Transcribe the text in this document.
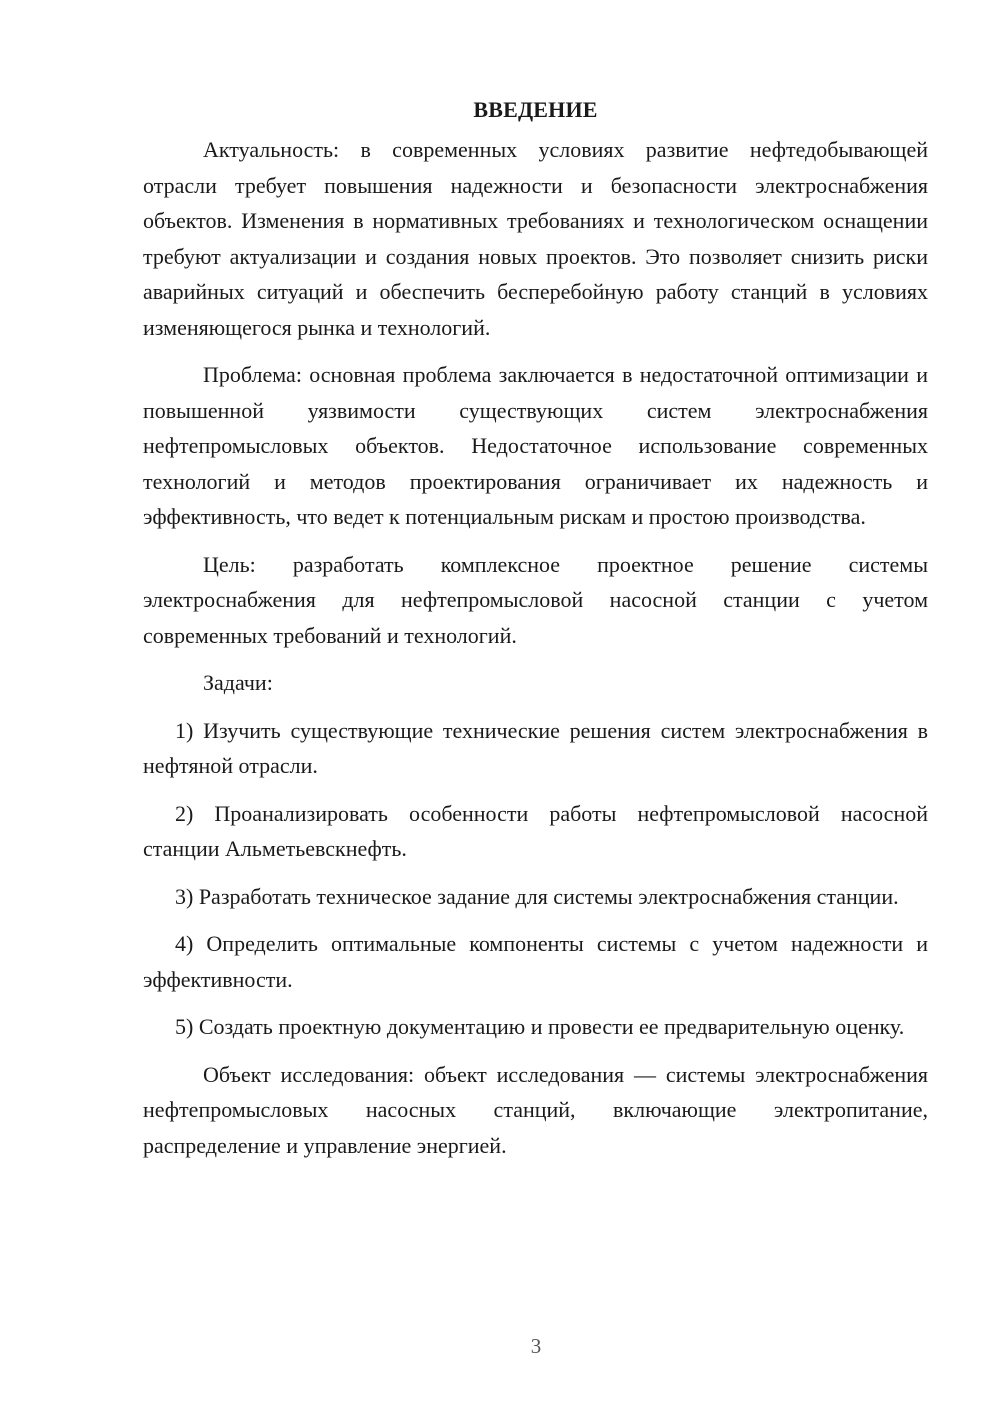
ВВЕДЕНИЕ

Актуальность: в современных условиях развитие нефтедобывающей отрасли требует повышения надежности и безопасности электроснабжения объектов. Изменения в нормативных требованиях и технологическом оснащении требуют актуализации и создания новых проектов. Это позволяет снизить риски аварийных ситуаций и обеспечить бесперебойную работу станций в условиях изменяющегося рынка и технологий.

Проблема: основная проблема заключается в недостаточной оптимизации и повышенной уязвимости существующих систем электроснабжения нефтепромысловых объектов. Недостаточное использование современных технологий и методов проектирования ограничивает их надежность и эффективность, что ведет к потенциальным рискам и простою производства.

Цель: разработать комплексное проектное решение системы электроснабжения для нефтепромысловой насосной станции с учетом современных требований и технологий.

Задачи:

1) Изучить существующие технические решения систем электроснабжения в нефтяной отрасли.

2) Проанализировать особенности работы нефтепромысловой насосной станции Альметьевскнефть.

3) Разработать техническое задание для системы электроснабжения станции.

4) Определить оптимальные компоненты системы с учетом надежности и эффективности.

5) Создать проектную документацию и провести ее предварительную оценку.

Объект исследования: объект исследования — системы электроснабжения нефтепромысловых насосных станций, включающие электропитание, распределение и управление энергией.

3
